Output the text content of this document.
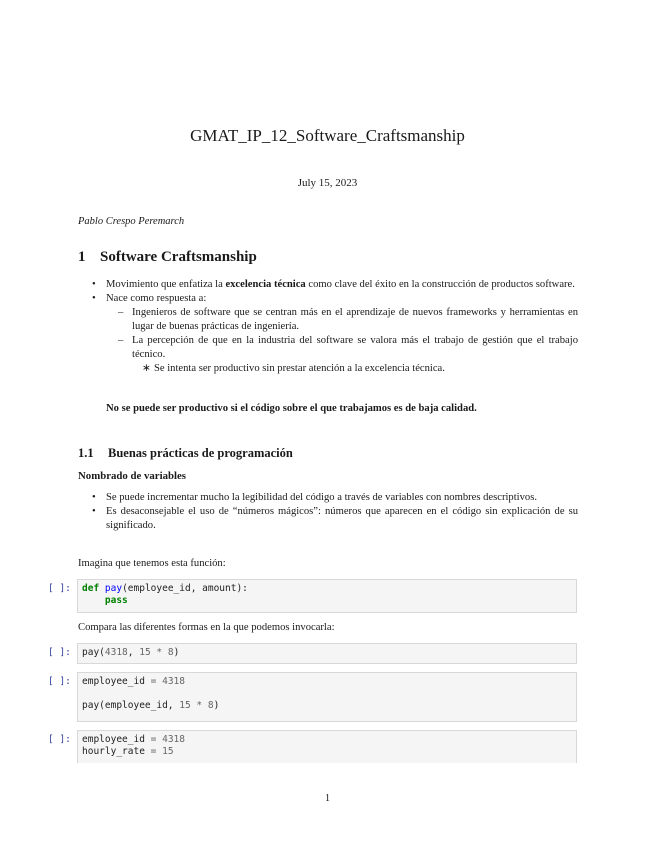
GMAT_IP_12_Software_Craftsmanship
July 15, 2023
Pablo Crespo Peremarch
1 Software Craftsmanship
• Movimiento que enfatiza la excelencia técnica como clave del éxito en la construcción de productos software.
• Nace como respuesta a:
– Ingenieros de software que se centran más en el aprendizaje de nuevos frameworks y herramientas en lugar de buenas prácticas de ingeniería.
– La percepción de que en la industria del software se valora más el trabajo de gestión que el trabajo técnico.
∗ Se intenta ser productivo sin prestar atención a la excelencia técnica.
No se puede ser productivo si el código sobre el que trabajamos es de baja calidad.
1.1 Buenas prácticas de programación
Nombrado de variables
• Se puede incrementar mucho la legibilidad del código a través de variables con nombres descriptivos.
• Es desaconsejable el uso de “números mágicos”: números que aparecen en el código sin explicación de su significado.
Imagina que tenemos esta función:
[ ]:	def pay(employee_id, amount):
pass
Compara las diferentes formas en la que podemos invocarla:
[ ]:	pay(4318, 15 * 8)
[ ]:	employee_id = 4318

pay(employee_id, 15 * 8)
[ ]:	employee_id = 4318
hourly_rate = 15
1
